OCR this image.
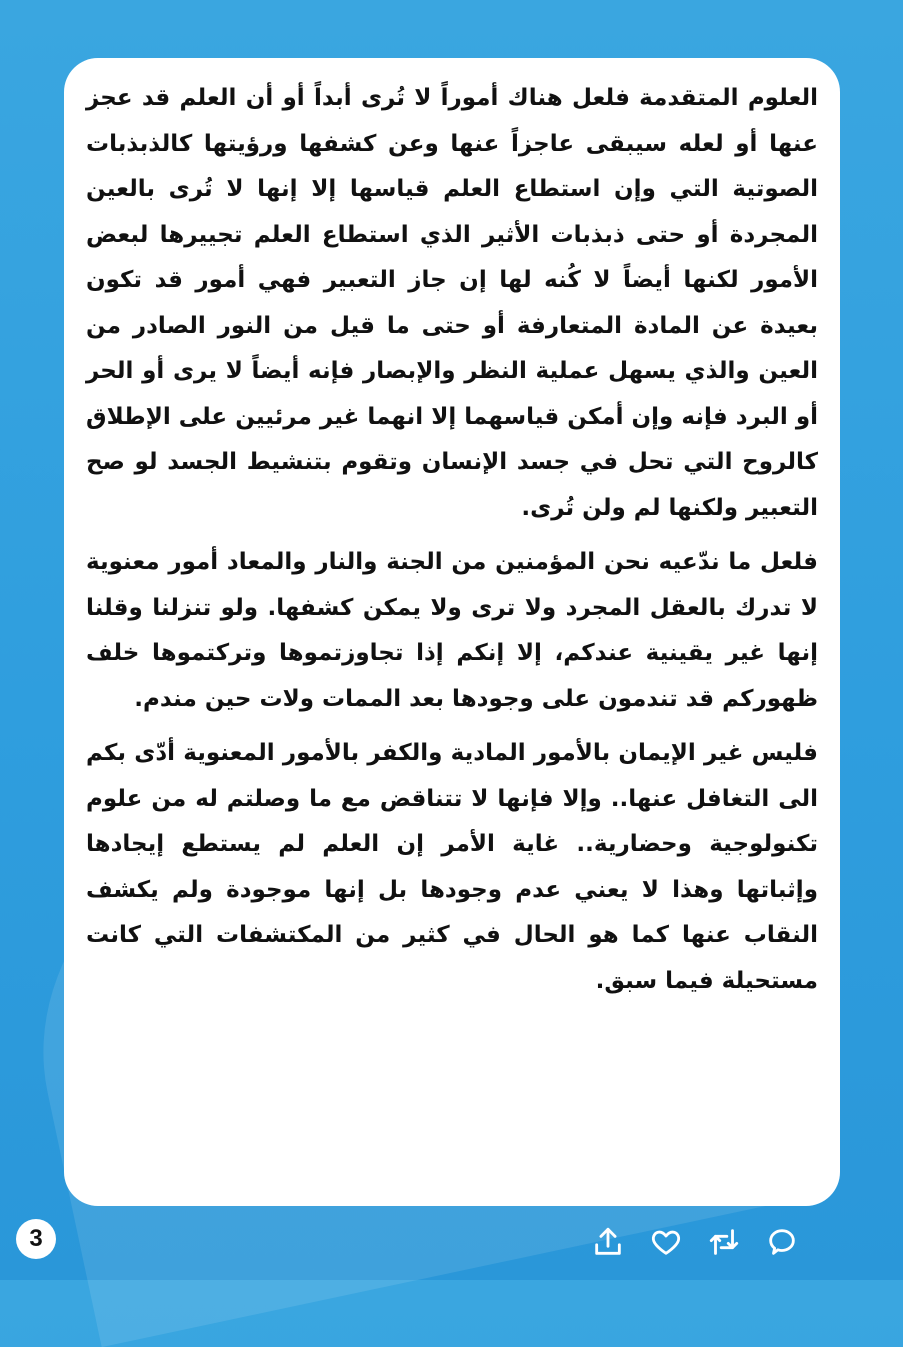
العلوم المتقدمة فلعل هناك أموراً لا تُرى أبداً أو أن العلم قد عجز عنها أو لعله سيبقى عاجزاً عنها وعن كشفها ورؤيتها كالذبذبات الصوتية التي وإن استطاع العلم قياسها إلا إنها لا تُرى بالعين المجردة أو حتى ذبذبات الأثير الذي استطاع العلم تجييرها لبعض الأمور لكنها أيضاً لا كُنه لها إن جاز التعبير فهي أمور قد تكون بعيدة عن المادة المتعارفة أو حتى ما قيل من النور الصادر من العين والذي يسهل عملية النظر والإبصار فإنه أيضاً لا يرى أو الحر أو البرد فإنه وإن أمكن قياسهما إلا انهما غير مرئيين على الإطلاق كالروح التي تحل في جسد الإنسان وتقوم بتنشيط الجسد لو صح التعبير ولكنها لم ولن تُرى.

فلعل ما ندّعيه نحن المؤمنين من الجنة والنار والمعاد أمور معنوية لا تدرك بالعقل المجرد ولا ترى ولا يمكن كشفها. ولو تنزلنا وقلنا إنها غير يقينية عندكم، إلا إنكم إذا تجاوزتموها وتركتموها خلف ظهوركم قد تندمون على وجودها بعد الممات ولات حين مندم.

فليس غير الإيمان بالأمور المادية والكفر بالأمور المعنوية أدّى بكم الى التغافل عنها.. وإلا فإنها لا تتناقض مع ما وصلتم له من علوم تكنولوجية وحضارية.. غاية الأمر إن العلم لم يستطع إيجادها وإثباتها وهذا لا يعني عدم وجودها بل إنها موجودة ولم يكشف النقاب عنها كما هو الحال في كثير من المكتشفات التي كانت مستحيلة فيما سبق.

3
